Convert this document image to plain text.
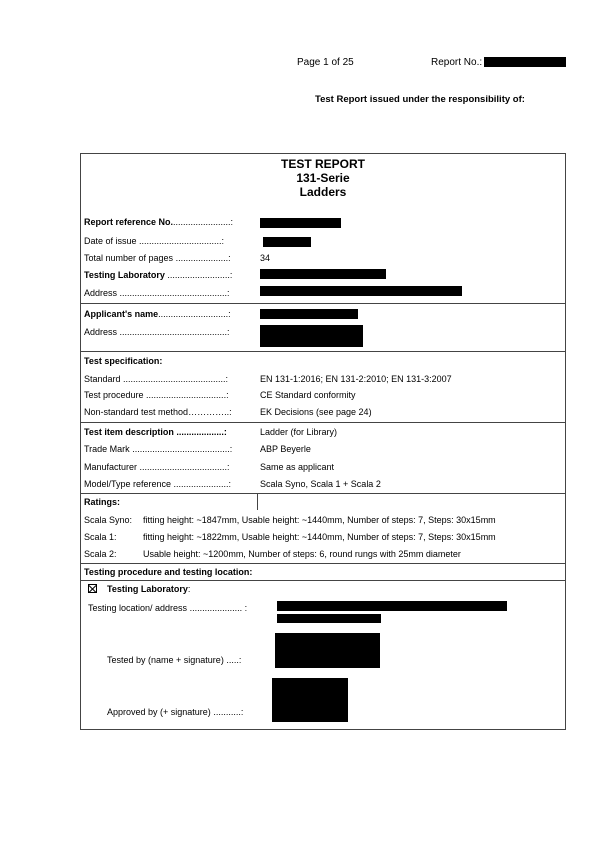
Page 1 of 25	Report No.:
Test Report issued under the responsibility of:
TEST REPORT
131-Serie
Ladders
Report reference No........................:
Date of issue .................................:
Total number of pages .....................:	34
Testing Laboratory .........................:
Address ...........................................:
Applicant's name............................:
Address ...........................................:
Test specification:
Standard .........................................:	EN 131-1:2016; EN 131-2:2010; EN 131-3:2007
Test procedure ................................:	CE Standard conformity
Non-standard test method…………..:	EK Decisions (see page 24)
Test item description ...................:	Ladder (for Library)
Trade Mark .......................................:	ABP Beyerle
Manufacturer ...................................:	Same as applicant
Model/Type reference ......................:	Scala Syno, Scala 1 + Scala 2
Ratings:
Scala Syno: fitting height: ~1847mm, Usable height: ~1440mm, Number of steps: 7, Steps: 30x15mm
Scala 1:	fitting height: ~1822mm, Usable height: ~1440mm, Number of steps: 7, Steps: 30x15mm
Scala 2:	Usable height: ~1200mm, Number of steps: 6, round rungs with 25mm diameter
Testing procedure and testing location:
Testing Laboratory:
Testing location/ address ..................... :
Tested by (name + signature) .....:
Approved by (+ signature) ...........:
